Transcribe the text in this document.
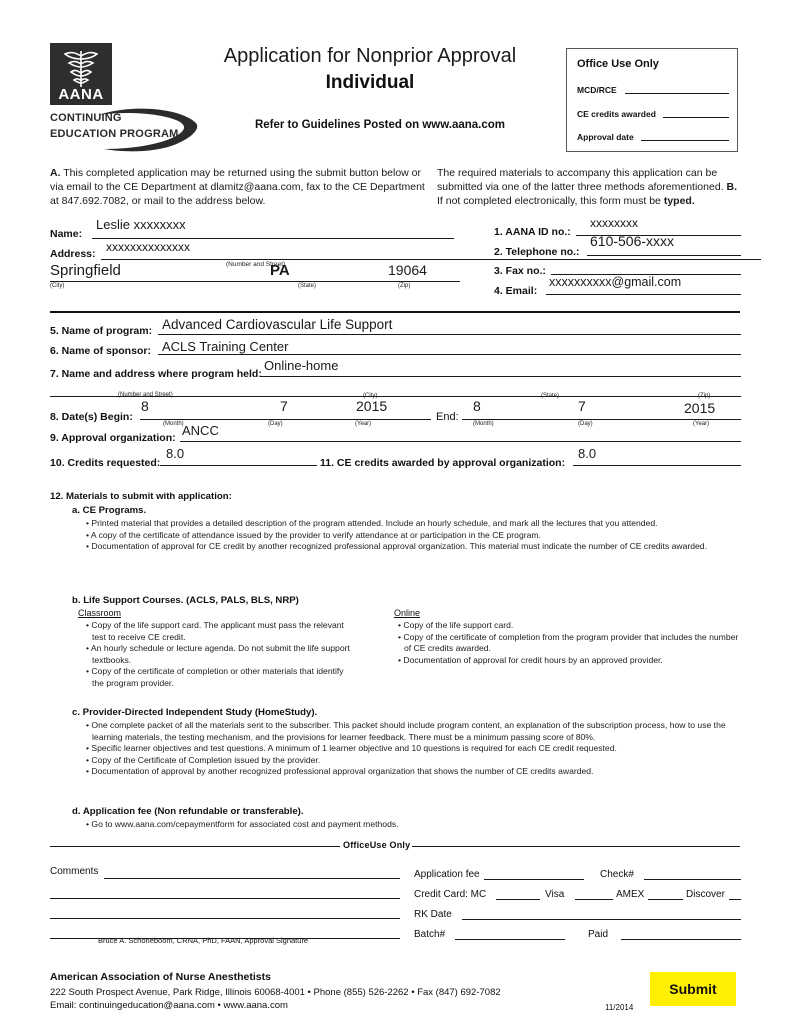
AANA
CONTINUING
EDUCATION PROGRAM
Application for Nonprior Approval
Individual
Refer to Guidelines Posted on www.aana.com
Office Use Only
MCD/RCE
CE credits awarded
Approval date
A. This completed application may be returned using the submit button below or via email to the CE Department at dlamitz@aana.com, fax to the CE Department at 847.692.7082, or mail to the address below.
The required materials to accompany this application can be submitted via one of the latter three methods aforementioned. B. If not completed electronically, this form must be typed.
Name:
Leslie xxxxxxxx
Address: xxxxxxxxxxxxxx
(Number and Street)
Springfield	PA	19064
(City)	(State)	(Zip)
1. AANA ID no.:
xxxxxxxx
2. Telephone no.:
610-506-xxxx
3. Fax no.:
4. Email:
xxxxxxxxxx@gmail.com
5. Name of program: Advanced Cardiovascular Life Support
6. Name of sponsor: ACLS Training Center
7. Name and address where program held:
Online-home
(Number and Street)	(City)	(State)	(Zip)
8. Date(s) Begin:	End:
8	7	2015	8	7	2015
(Month)	(Day)	(Year)	(Month)	(Day)	(Year)
9. Approval organization: ANCC
10. Credits requested:
8.0
11. CE credits awarded by approval organization:
8.0
12. Materials to submit with application:
a. CE Programs.
• Printed material that provides a detailed description of the program attended. Include an hourly schedule, and mark all the lectures that you attended.
• A copy of the certificate of attendance issued by the provider to verify attendance at or participation in the CE program.
• Documentation of approval for CE credit by another recognized professional approval organization. This material must indicate the number of CE credits awarded.
b. Life Support Courses. (ACLS, PALS, BLS, NRP)
Classroom
• Copy of the life support card. The applicant must pass the relevant test to receive CE credit.
• An hourly schedule or lecture agenda. Do not submit the life support textbooks.
• Copy of the certificate of completion or other materials that identify the program provider.
Online
• Copy of the life support card.
• Copy of the certificate of completion from the program provider that includes the number of CE credits awarded.
• Documentation of approval for credit hours by an approved provider.
c. Provider-Directed Independent Study (HomeStudy).
• One complete packet of all the materials sent to the subscriber. This packet should include program content, an explanation of the subscription process, how to use the learning materials, the testing mechanism, and the provisions for learner feedback. There must be a minimum passing score of 80%.
• Specific learner objectives and test questions. A minimum of 1 learner objective and 10 questions is required for each CE credit requested.
• Copy of the Certificate of Completion issued by the provider.
• Documentation of approval by another recognized professional approval organization that shows the number of CE credits awarded.
d. Application fee (Non refundable or transferable).
• Go to www.aana.com/cepaymentform for associated cost and payment methods.
OfficeUse Only
Comments
Bruce A. Schoneboom, CRNA, PhD, FAAN, Approval Signature
Application fee	Check#
Credit Card: MC	Visa	AMEX	Discover
RK Date
Batch#	Paid
American Association of Nurse Anesthetists
222 South Prospect Avenue, Park Ridge, Illinois 60068-4001 • Phone (855) 526-2262 • Fax (847) 692-7082
Email: continuingeducation@aana.com • www.aana.com	11/2014
Submit
